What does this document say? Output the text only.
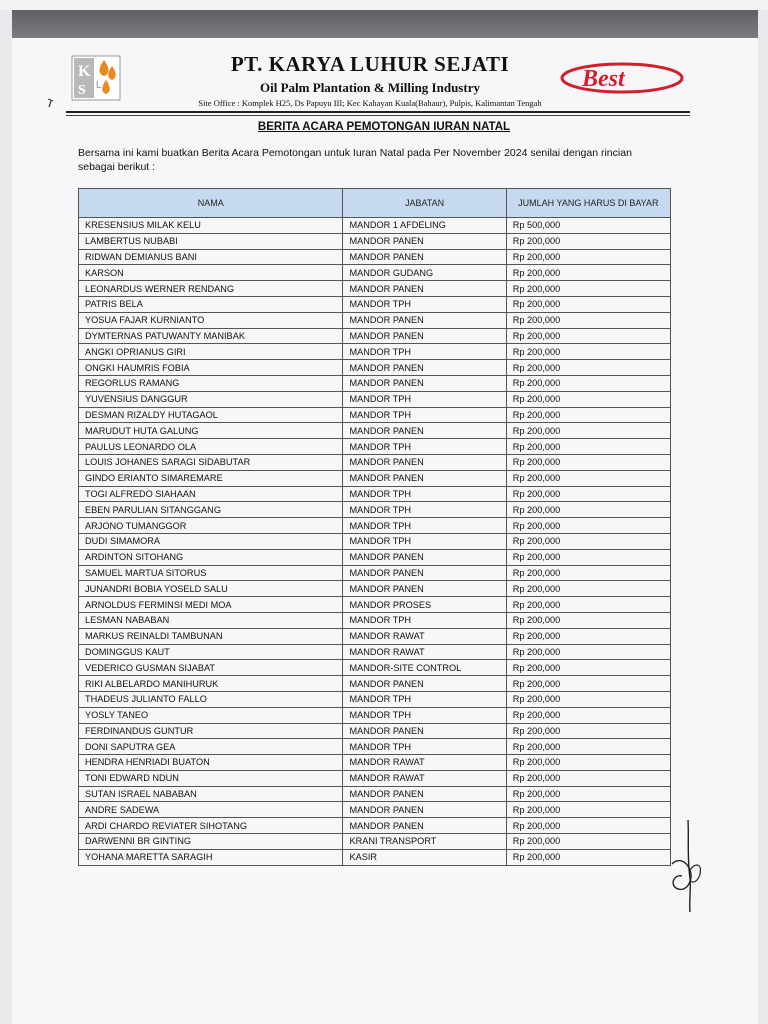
K
S L
PT. KARYA LUHUR SEJATI
Oil Palm Plantation & Milling Industry
Site Office : Komplek H25, Ds Papuyu III; Kec Kahayan Kuala(Bahaur), Pulpis, Kalimantan Tengah
Best
BERITA ACARA PEMOTONGAN IURAN NATAL
Bersama ini kami buatkan Berita Acara Pemotongan untuk Iuran Natal pada Per November 2024 senilai dengan rincian sebagai berikut :
NAMA	JABATAN	JUMLAH YANG HARUS DI BAYAR
KRESENSIUS MILAK KELU	MANDOR 1 AFDELING	Rp 500,000
LAMBERTUS NUBABI	MANDOR PANEN	Rp 200,000
RIDWAN DEMIANUS BANI	MANDOR PANEN	Rp 200,000
KARSON	MANDOR GUDANG	Rp 200,000
LEONARDUS WERNER RENDANG	MANDOR PANEN	Rp 200,000
PATRIS BELA	MANDOR TPH	Rp 200,000
YOSUA FAJAR KURNIANTO	MANDOR PANEN	Rp 200,000
DYMTERNAS PATUWANTY MANIBAK	MANDOR PANEN	Rp 200,000
ANGKI OPRIANUS GIRI	MANDOR TPH	Rp 200,000
ONGKI HAUMRIS FOBIA	MANDOR PANEN	Rp 200,000
REGORLUS RAMANG	MANDOR PANEN	Rp 200,000
YUVENSIUS DANGGUR	MANDOR TPH	Rp 200,000
DESMAN RIZALDY HUTAGAOL	MANDOR TPH	Rp 200,000
MARUDUT HUTA GALUNG	MANDOR PANEN	Rp 200,000
PAULUS LEONARDO OLA	MANDOR TPH	Rp 200,000
LOUIS JOHANES SARAGI SIDABUTAR	MANDOR PANEN	Rp 200,000
GINDO ERIANTO SIMAREMARE	MANDOR PANEN	Rp 200,000
TOGI ALFREDO SIAHAAN	MANDOR TPH	Rp 200,000
EBEN PARULIAN SITANGGANG	MANDOR TPH	Rp 200,000
ARJONO TUMANGGOR	MANDOR TPH	Rp 200,000
DUDI SIMAMORA	MANDOR TPH	Rp 200,000
ARDINTON SITOHANG	MANDOR PANEN	Rp 200,000
SAMUEL MARTUA SITORUS	MANDOR PANEN	Rp 200,000
JUNANDRI BOBIA YOSELD SALU	MANDOR PANEN	Rp 200,000
ARNOLDUS FERMINSI MEDI MOA	MANDOR PROSES	Rp 200,000
LESMAN NABABAN	MANDOR TPH	Rp 200,000
MARKUS REINALDI TAMBUNAN	MANDOR RAWAT	Rp 200,000
DOMINGGUS KAUT	MANDOR RAWAT	Rp 200,000
VEDERICO GUSMAN SIJABAT	MANDOR-SITE CONTROL	Rp 200,000
RIKI ALBELARDO MANIHURUK	MANDOR PANEN	Rp 200,000
THADEUS JULIANTO FALLO	MANDOR TPH	Rp 200,000
YOSLY TANEO	MANDOR TPH	Rp 200,000
FERDINANDUS GUNTUR	MANDOR PANEN	Rp 200,000
DONI SAPUTRA GEA	MANDOR TPH	Rp 200,000
HENDRA HENRIADI BUATON	MANDOR RAWAT	Rp 200,000
TONI EDWARD NDUN	MANDOR RAWAT	Rp 200,000
SUTAN ISRAEL NABABAN	MANDOR PANEN	Rp 200,000
ANDRE SADEWA	MANDOR PANEN	Rp 200,000
ARDI CHARDO REVIATER SIHOTANG	MANDOR PANEN	Rp 200,000
DARWENNI BR GINTING	KRANI TRANSPORT	Rp 200,000
YOHANA MARETTA SARAGIH	KASIR	Rp 200,000
